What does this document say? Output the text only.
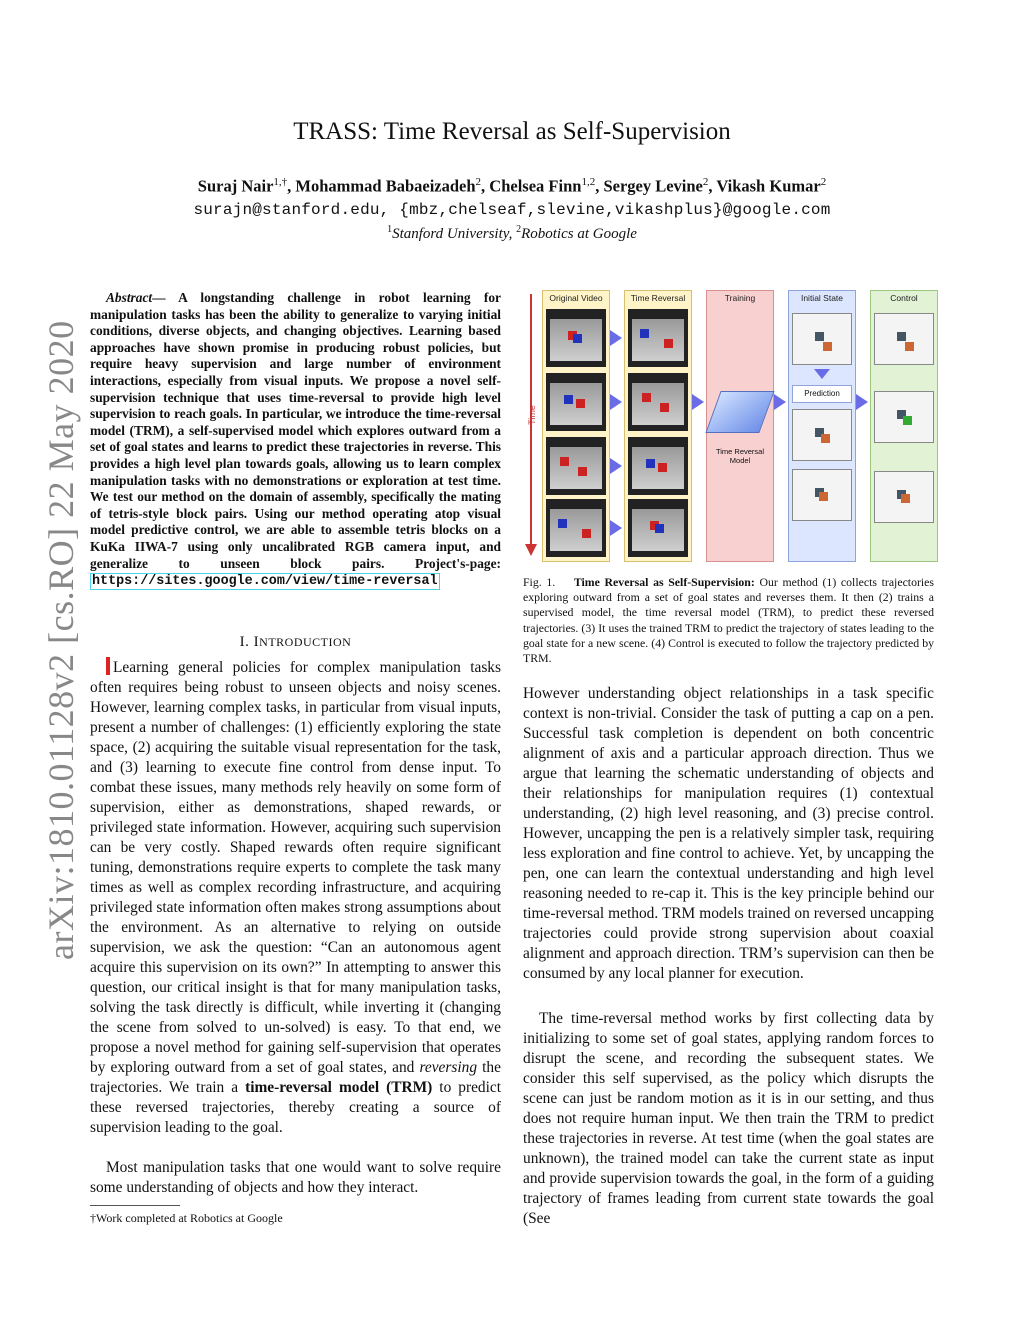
TRASS: Time Reversal as Self-Supervision
Suraj Nair$^{1,\dagger}$, Mohammad Babaeizadeh$^2$, Chelsea Finn$^{1,2}$, Sergey Levine$^2$, Vikash Kumar$^2$
surajn@stanford.edu, {mbz,chelseaf,slevine,vikashplus}@google.com
$^1$Stanford University, $^2$Robotics at Google
arXiv:1810.01128v2 [cs.RO] 22 May 2020
Abstract— A longstanding challenge in robot learning for manipulation tasks has been the ability to generalize to varying initial conditions, diverse objects, and changing objectives. Learning based approaches have shown promise in producing robust policies, but require heavy supervision and large number of environment interactions, especially from visual inputs. We propose a novel self-supervision technique that uses time-reversal to provide high level supervision to reach goals. In particular, we introduce the time-reversal model (TRM), a self-supervised model which explores outward from a set of goal states and learns to predict these trajectories in reverse. This provides a high level plan towards goals, allowing us to learn complex manipulation tasks with no demonstrations or exploration at test time. We test our method on the domain of assembly, specifically the mating of tetris-style block pairs. Using our method operating atop visual model predictive control, we are able to assemble tetris blocks on a KuKa IIWA-7 using only uncalibrated RGB camera input, and generalize to unseen block pairs. Project's-page: https://sites.google.com/view/time-reversal
I. INTRODUCTION
Learning general policies for complex manipulation tasks often requires being robust to unseen objects and noisy scenes. However, learning complex tasks, in particular from visual inputs, present a number of challenges: (1) efficiently exploring the state space, (2) acquiring the suitable visual representation for the task, and (3) learning to execute fine control from dense input. To combat these issues, many methods rely heavily on some form of supervision, either as demonstrations, shaped rewards, or privileged state information. However, acquiring such supervision can be very costly. Shaped rewards often require significant tuning, demonstrations require experts to complete the task many times as well as complex recording infrastructure, and acquiring privileged state information often makes strong assumptions about the environment. As an alternative to relying on outside supervision, we ask the question: “Can an autonomous agent acquire this supervision on its own?” In attempting to answer this question, our critical insight is that for many manipulation tasks, solving the task directly is difficult, while inverting it (changing the scene from solved to un-solved) is easy. To that end, we propose a novel method for gaining self-supervision that operates by exploring outward from a set of goal states, and reversing the trajectories. We train a time-reversal model (TRM) to predict these reversed trajectories, thereby creating a source of supervision leading to the goal.
Most manipulation tasks that one would want to solve require some understanding of objects and how they interact.
†Work completed at Robotics at Google
Time
Original Video	Time Reversal	Training
Time Reversal Model
Initial State
Prediction
Control
Fig. 1. Time Reversal as Self-Supervision: Our method (1) collects trajectories exploring outward from a set of goal states and reverses them. It then (2) trains a supervised model, the time reversal model (TRM), to predict these reversed trajectories. (3) It uses the trained TRM to predict the trajectory of states leading to the goal state for a new scene. (4) Control is executed to follow the trajectory predicted by TRM.
However understanding object relationships in a task specific context is non-trivial. Consider the task of putting a cap on a pen. Successful task completion is dependent on both concentric alignment of axis and a particular approach direction. Thus we argue that learning the schematic understanding of objects and their relationships for manipulation requires (1) contextual understanding, (2) high level reasoning, and (3) precise control. However, uncapping the pen is a relatively simpler task, requiring less exploration and fine control to achieve. Yet, by uncapping the pen, one can learn the contextual understanding and high level reasoning needed to re-cap it. This is the key principle behind our time-reversal method. TRM models trained on reversed uncapping trajectories could provide strong supervision about coaxial alignment and approach direction. TRM’s supervision can then be consumed by any local planner for execution.
The time-reversal method works by first collecting data by initializing to some set of goal states, applying random forces to disrupt the scene, and recording the subsequent states. We consider this self supervised, as the policy which disrupts the scene can just be random motion as it is in our setting, and thus does not require human input. We then train the TRM to predict these trajectories in reverse. At test time (when the goal states are unknown), the trained model can take the current state as input and provide supervision towards the goal, in the form of a guiding trajectory of frames leading from current state towards the goal (See
